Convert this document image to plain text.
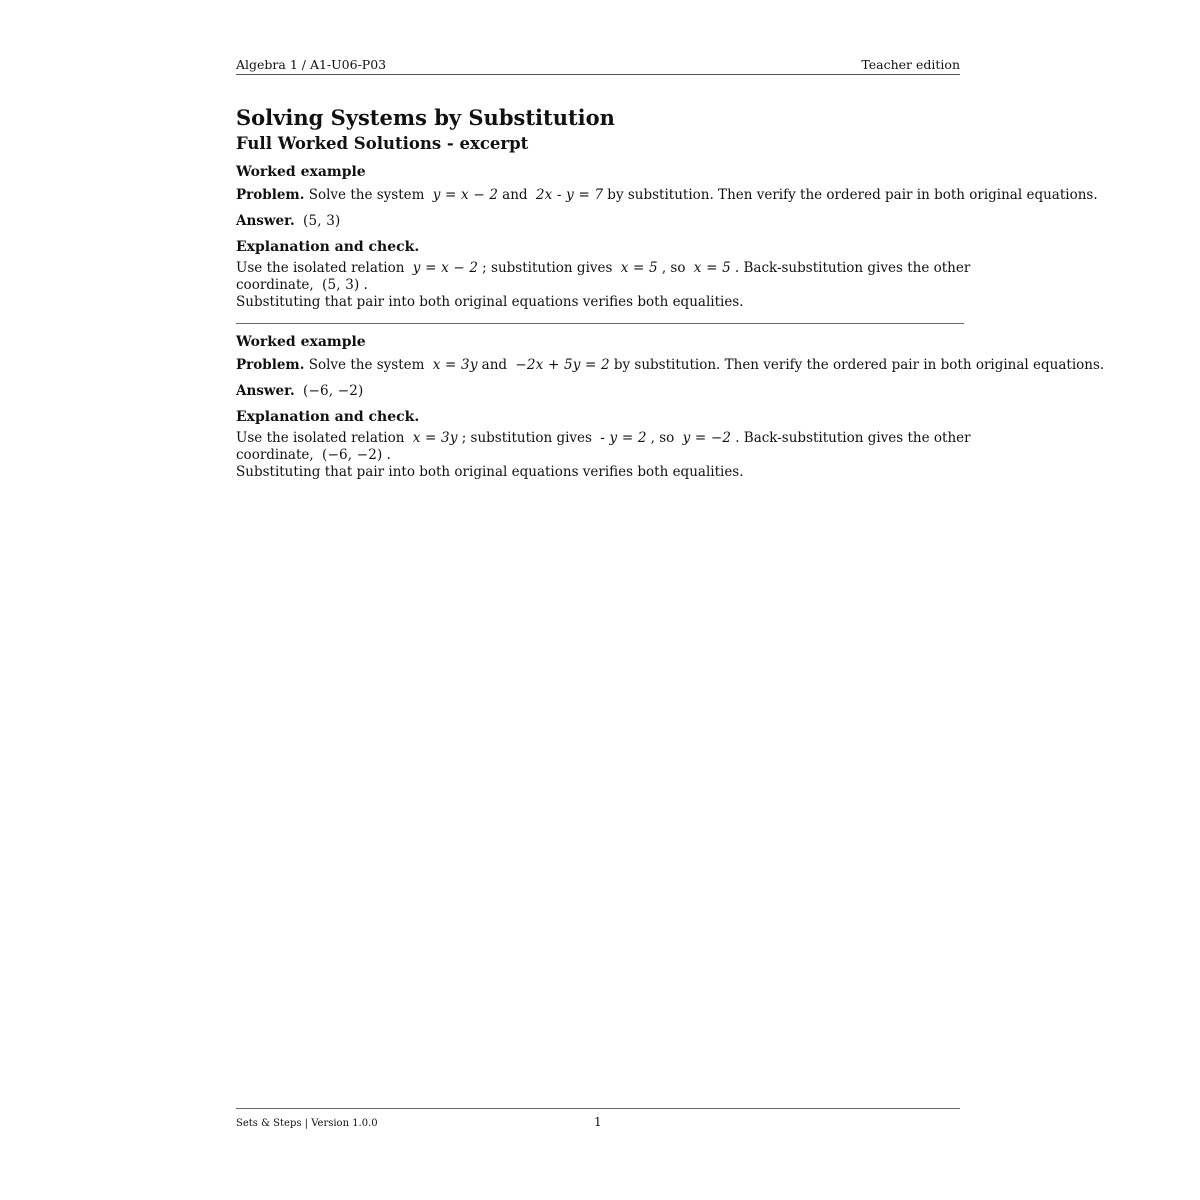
Algebra 1 / A1-U06-P03	Teacher edition
Solving Systems by Substitution
Full Worked Solutions - excerpt
Worked example
Problem. Solve the system y = x − 2 and 2x - y = 7 by substitution. Then verify the ordered pair in both original equations.
Answer. (5, 3)
Explanation and check.
Use the isolated relation y = x − 2 ; substitution gives x = 5 , so x = 5 . Back-substitution gives the other coordinate, (5, 3) .
Substituting that pair into both original equations verifies both equalities.
Worked example
Problem. Solve the system x = 3y and −2x + 5y = 2 by substitution. Then verify the ordered pair in both original equations.
Answer. (−6, −2)
Explanation and check.
Use the isolated relation x = 3y ; substitution gives - y = 2 , so y = −2 . Back-substitution gives the other coordinate, (−6, −2) .
Substituting that pair into both original equations verifies both equalities.
Sets & Steps | Version 1.0.0	1
